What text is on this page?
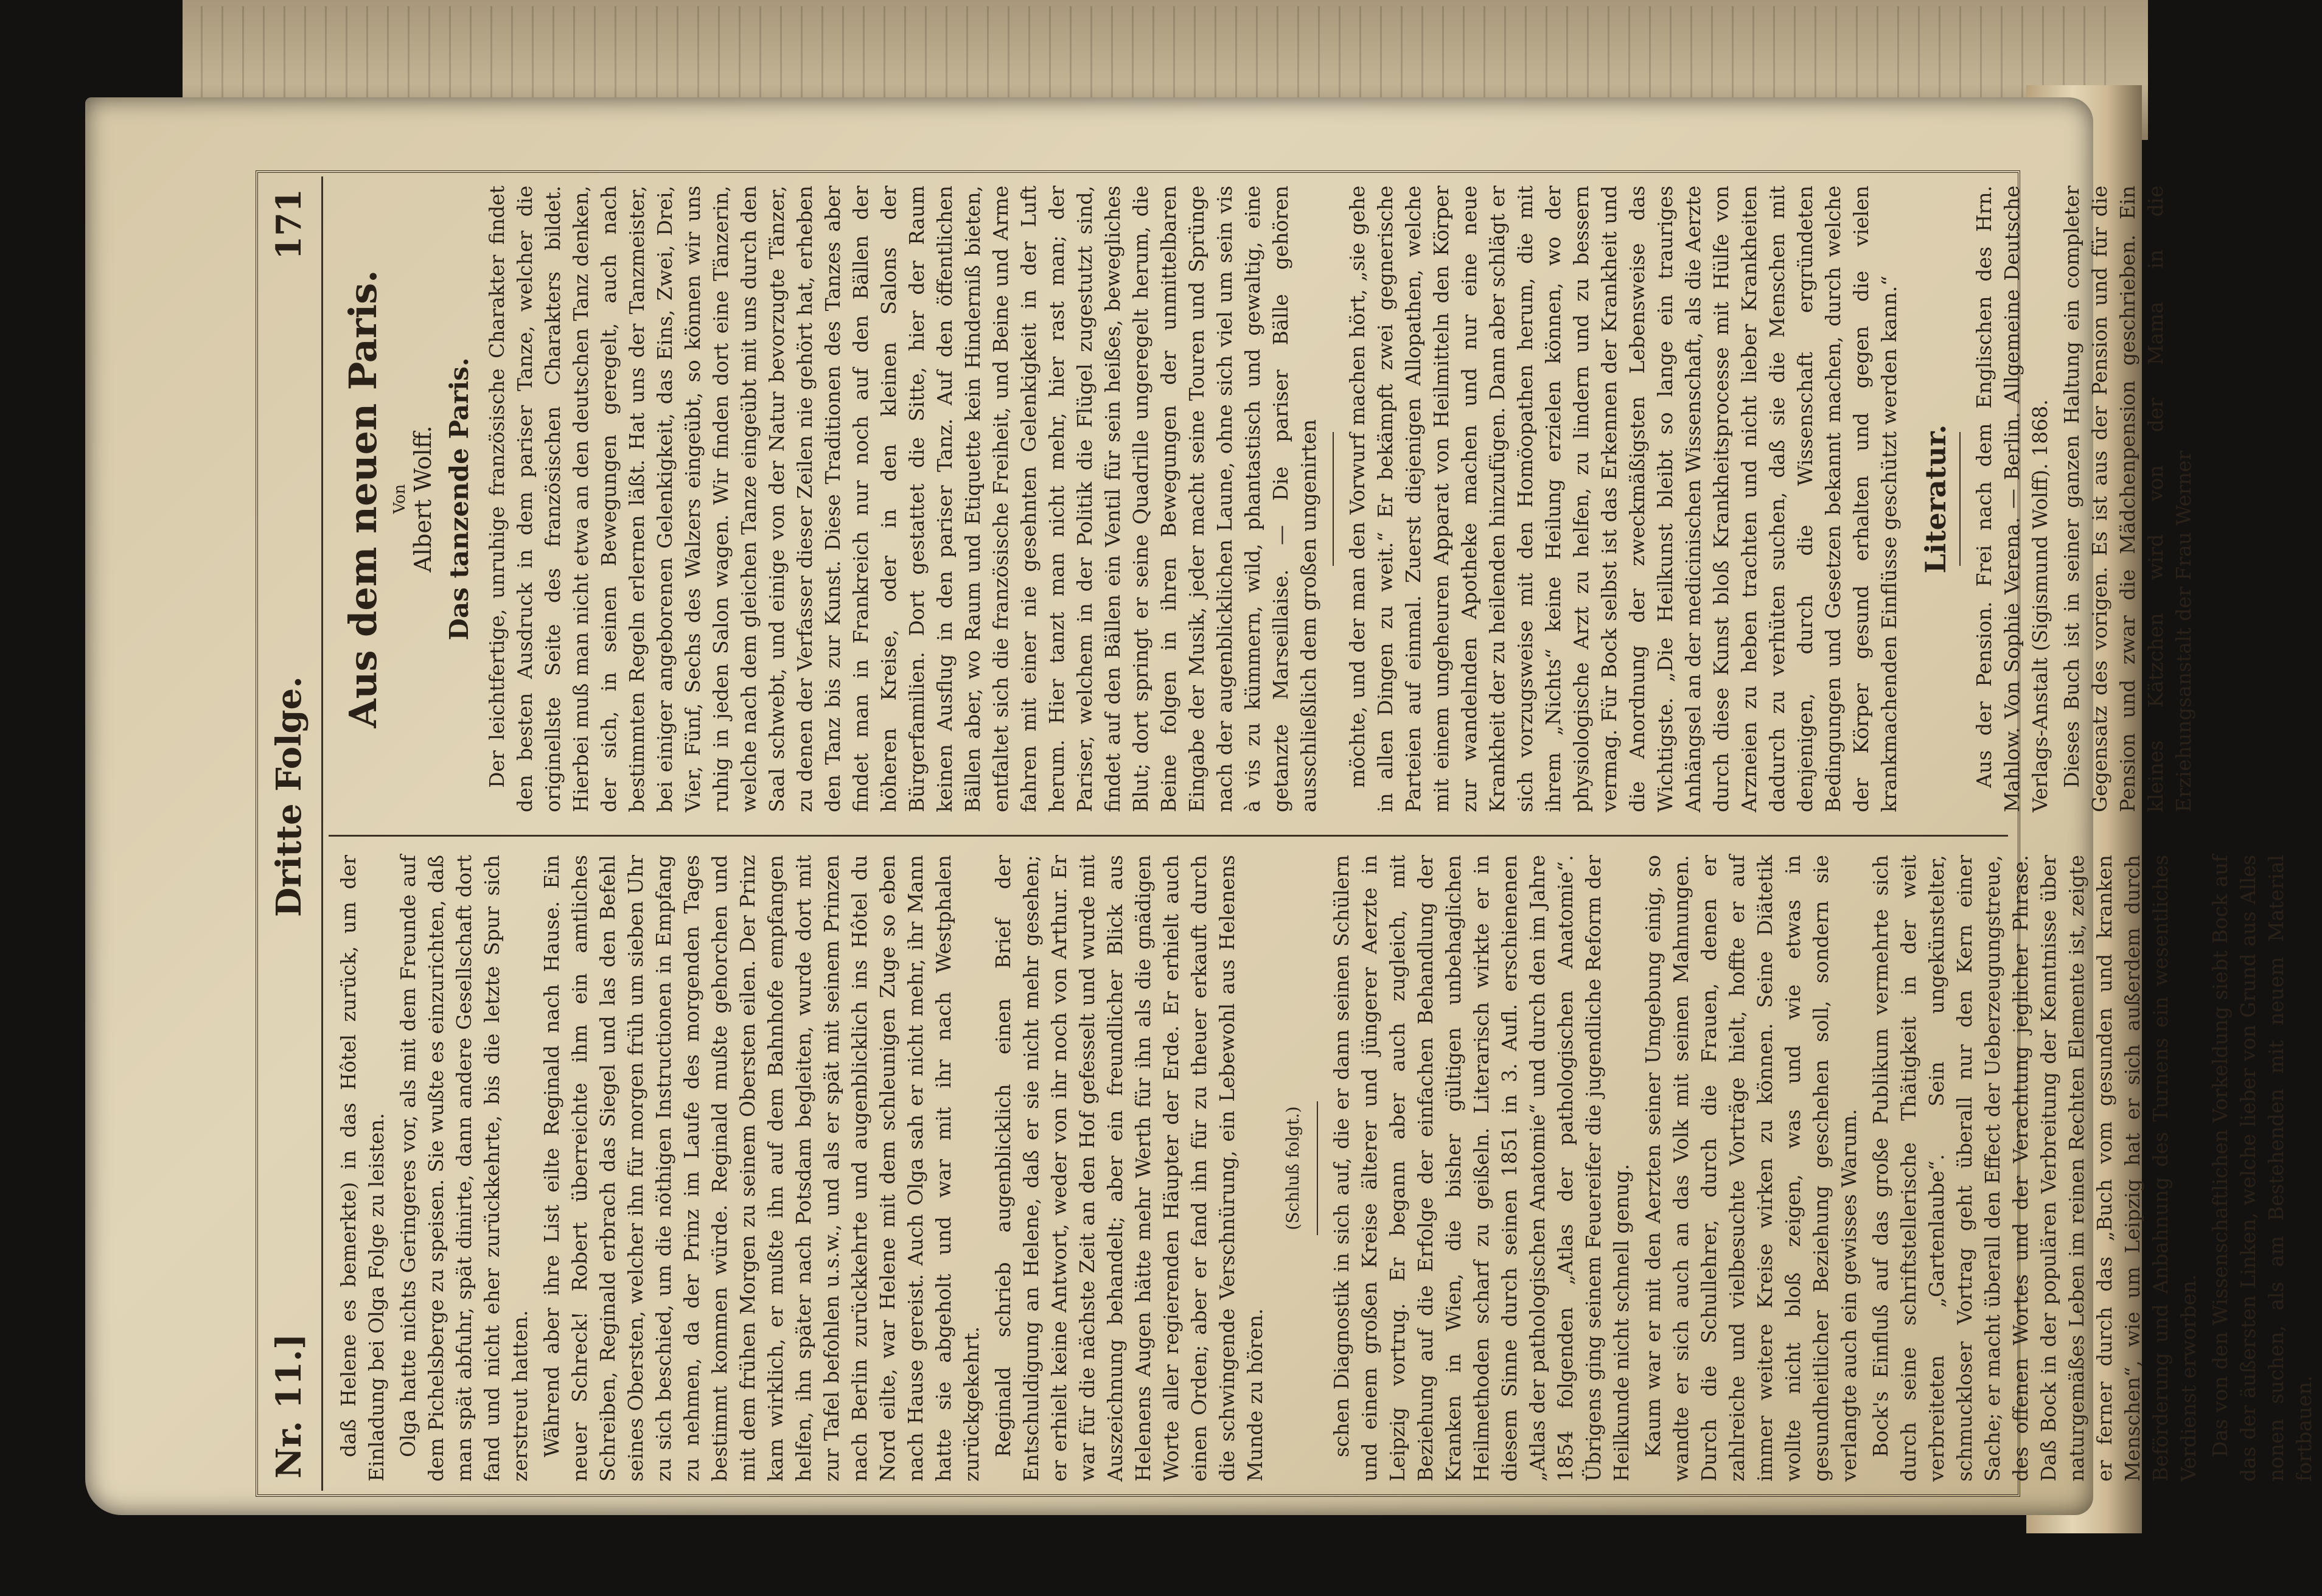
Nr. 11.]
Dritte Folge.
171

daß Helene es bemerkte) in das Hôtel zurück, um der Einladung bei Olga Folge zu leisten. Olga hatte nichts Geringeres vor, als mit dem Freunde auf dem Pichelsberge zu speisen. Sie wußte es einzurichten, daß man spät abfuhr, spät dinirte, dann andere Gesellschaft dort fand und nicht eher zurückkehrte, bis die letzte Spur sich zerstreut hatten. Während aber ihre List eilte Reginald nach Hause. Ein neuer Schreck! Robert überreichte ihm ein amtliches Schreiben, Reginald erbrach das Siegel und las den Befehl seines Obersten, welcher ihn für morgen früh um sieben Uhr zu sich beschied, um die nöthigen Instructionen in Empfang zu nehmen, da der Prinz im Laufe des morgenden Tages bestimmt kommen würde. Reginald mußte gehorchen und mit dem frühen Morgen zu seinem Obersten eilen. Der Prinz kam wirklich, er mußte ihn auf dem Bahnhofe empfangen helfen, ihn später nach Potsdam begleiten, wurde dort mit zur Tafel befohlen u.s.w., und als er spät mit seinem Prinzen nach Berlin zurückkehrte und augenblicklich ins Hôtel du Nord eilte, war Helene mit dem schleunigen Zuge so eben nach Hause gereist. Auch Olga sah er nicht mehr, ihr Mann hatte sie abgeholt und war mit ihr nach Westphalen zurückgekehrt. Reginald schrieb augenblicklich einen Brief der Entschuldigung an Helene, daß er sie nicht mehr gesehen; er erhielt keine Antwort, weder von ihr noch von Arthur. Er war für die nächste Zeit an den Hof gefesselt und wurde mit Auszeichnung behandelt; aber ein freundlicher Blick aus Helenens Augen hätte mehr Werth für ihn als die gnädigen Worte aller regierenden Häupter der Erde. Er erhielt auch einen Orden; aber er fand ihn für zu theuer erkauft durch die schwingende Verschnürung, ein Lebewohl aus Helenens Munde zu hören.

(Schluß folgt.) schen Diagnostik in sich auf, die er dann seinen Schülern und einem großen Kreise älterer und jüngerer Aerzte in Leipzig vortrug. Er begann aber auch zugleich, mit Beziehung auf die Erfolge der einfachen Behandlung der Kranken in Wien, die bisher gültigen unbehaglichen Heilmethoden scharf zu geißeln. Literarisch wirkte er in diesem Sinne durch seinen 1851 in 3. Aufl. erschienenen „Atlas der pathologischen Anatomie“ und durch den im Jahre 1854 folgenden „Atlas der pathologischen Anatomie“. Übrigens ging seinem Feuereifer die jugendliche Reform der Heilkunde nicht schnell genug. Kaum war er mit den Aerzten seiner Umgebung einig, so wandte er sich auch an das Volk mit seinen Mahnungen. Durch die Schullehrer, durch die Frauen, denen er zahlreiche und vielbesuchte Vorträge hielt, hoffte er auf immer weitere Kreise wirken zu können. Seine Diätetik wollte nicht bloß zeigen, was und wie etwas in gesundheitlicher Beziehung geschehen soll, sondern sie verlangte auch ein gewisses Warum. Bock's Einfluß auf das große Publikum vermehrte sich durch seine schriftstellerische Thätigkeit in der weit verbreiteten „Gartenlaube“. Sein ungekünstelter, schmuckloser Vortrag geht überall nur den Kern einer Sache; er macht überall den Effect der Ueberzeugungstreue, des offenen Wortes und der Verachtung jeglicher Phrase. Daß Bock in der populären Verbreitung der Kenntnisse über naturgemäßes Leben im reinen Rechten Elemente ist, zeigte er ferner durch das „Buch vom gesunden und kranken Menschen“, wie um Leipzig hat er sich außerdem durch Beförderung und Anbahnung des Turnens ein wesentliches Verdienst erworben. Das von den Wissenschaftlichen Vorkeldung siebt Bock auf das der äußersten Linken, welche lieber von Grund aus Alles nonen suchen, als am Bestehenden mit neuem Material fortbauen.

Aus dem neuen Paris. Von Albert Wolff. Das tanzende Paris. Der leichtfertige, unruhige französische Charakter findet den besten Ausdruck in dem pariser Tanze, welcher die originellste Seite des französischen Charakters bildet. Hierbei muß man nicht etwa an den deutschen Tanz denken, der sich, in seinen Bewegungen geregelt, auch nach bestimmten Regeln erlernen läßt. Hat uns der Tanzmeister, bei einiger angeborenen Gelenkigkeit, das Eins, Zwei, Drei, Vier, Fünf, Sechs des Walzers eingeübt, so können wir uns ruhig in jeden Salon wagen. Wir finden dort eine Tänzerin, welche nach dem gleichen Tanze eingeübt mit uns durch den Saal schwebt, und einige von der Natur bevorzugte Tänzer, zu denen der Verfasser dieser Zeilen nie gehört hat, erheben den Tanz bis zur Kunst. Diese Traditionen des Tanzes aber findet man in Frankreich nur noch auf den Bällen der höheren Kreise, oder in den kleinen Salons der Bürgerfamilien. Dort gestattet die Sitte, hier der Raum keinen Ausflug in den pariser Tanz. Auf den öffentlichen Bällen aber, wo Raum und Etiquette kein Hinderniß bieten, entfaltet sich die französische Freiheit, und Beine und Arme fahren mit einer nie gesehnten Gelenkigkeit in der Luft herum. Hier tanzt man nicht mehr, hier rast man; der Pariser, welchem in der Politik die Flügel zugestutzt sind, findet auf den Bällen ein Ventil für sein heißes, bewegliches Blut; dort springt er seine Quadrille ungeregelt herum, die Beine folgen in ihren Bewegungen der unmittelbaren Eingabe der Musik, jeder macht seine Touren und Sprünge nach der augenblicklichen Laune, ohne sich viel um sein vis à vis zu kümmern, wild, phantastisch und gewaltig, eine getanzte Marseillaise. — Die pariser Bälle gehören ausschließlich dem großen ungenirten möchte, und der man den Vorwurf machen hört, „sie gehe in allen Dingen zu weit.“ Er bekämpft zwei gegnerische Parteien auf einmal. Zuerst diejenigen Allopathen, welche mit einem ungeheuren Apparat von Heilmitteln den Körper zur wandelnden Apotheke machen und nur eine neue Krankheit der zu heilenden hinzufügen. Dann aber schlägt er sich vorzugsweise mit den Homöopathen herum, die mit ihrem „Nichts“ keine Heilung erzielen können, wo der physiologische Arzt zu helfen, zu lindern und zu bessern vermag. Für Bock selbst ist das Erkennen der Krankheit und die Anordnung der zweckmäßigsten Lebensweise das Wichtigste. „Die Heilkunst bleibt so lange ein trauriges Anhängsel an der medicinischen Wissenschaft, als die Aerzte durch diese Kunst bloß Krankheitsprocesse mit Hülfe von Arzneien zu heben trachten und nicht lieber Krankheiten dadurch zu verhüten suchen, daß sie die Menschen mit denjenigen, durch die Wissenschaft ergründeten Bedingungen und Gesetzen bekannt machen, durch welche der Körper gesund erhalten und gegen die vielen krankmachenden Einflüsse geschützt werden kann.“ Literatur. Aus der Pension. Frei nach dem Englischen des Hrn. Mahlow. Von Sophie Verena. — Berlin. Allgemeine Deutsche Verlags-Anstalt (Sigismund Wolff). 1868. Dieses Buch ist in seiner ganzen Haltung ein completer Gegensatz des vorigen. Es ist aus der Pension und für die Pension und zwar die Mädchenpension geschrieben. Ein kleines Kätzchen wird von der Mama in die Erziehungsanstalt der Frau Werner
